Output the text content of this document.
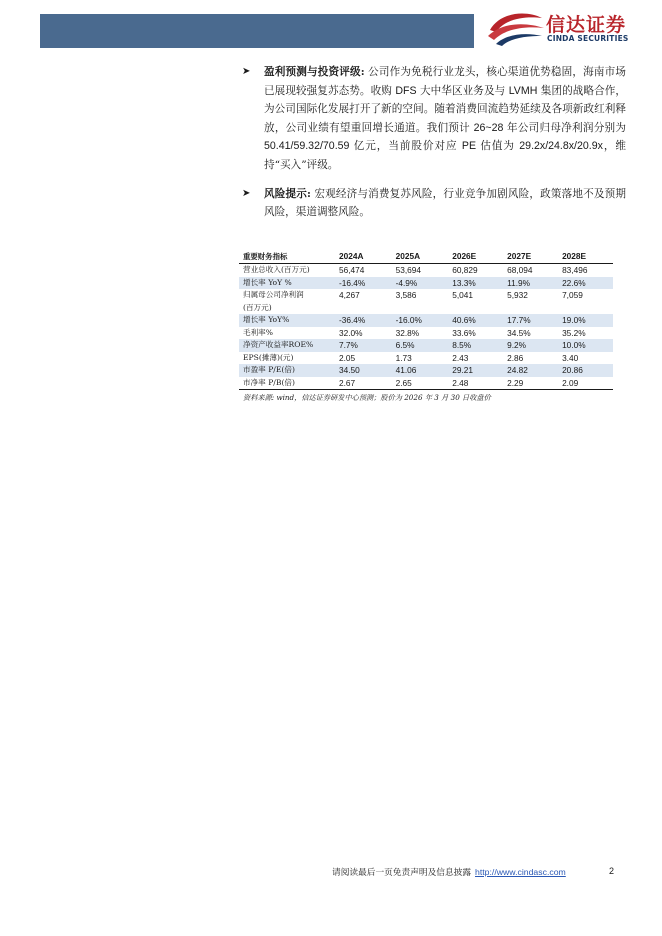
信达证券
CINDA SECURITIES
➤ 盈利预测与投资评级: 公司作为免税行业龙头，核心渠道优势稳固，海南市场已展现较强复苏态势。收购 DFS 大中华区业务及与 LVMH 集团的战略合作，为公司国际化发展打开了新的空间。随着消费回流趋势延续及各项新政红利释放，公司业绩有望重回增长通道。我们预计 26~28 年公司归母净利润分别为 50.41/59.32/70.59 亿元，当前股价对应 PE 估值为 29.2x/24.8x/20.9x，维持“买入”评级。
➤ 风险提示: 宏观经济与消费复苏风险，行业竞争加剧风险，政策落地不及预期风险，渠道调整风险。
重要财务指标	2024A	2025A	2026E	2027E	2028E
营业总收入(百万元)	56,474	53,694	60,829	68,094	83,496
增长率 YoY %	-16.4%	-4.9%	13.3%	11.9%	22.6%
归属母公司净利润
(百万元)	4,267	3,586	5,041	5,932	7,059
增长率 YoY%	-36.4%	-16.0%	40.6%	17.7%	19.0%
毛利率%	32.0%	32.8%	33.6%	34.5%	35.2%
净资产收益率ROE%	7.7%	6.5%	8.5%	9.2%	10.0%
EPS(摊薄)(元)	2.05	1.73	2.43	2.86	3.40
市盈率 P/E(倍)	34.50	41.06	29.21	24.82	20.86
市净率 P/B(倍)	2.67	2.65	2.48	2.29	2.09
资料来源: wind，信达证券研发中心预测；股价为 2026 年 3 月 30 日收盘价
请阅读最后一页免责声明及信息披露 http://www.cindasc.com	2
